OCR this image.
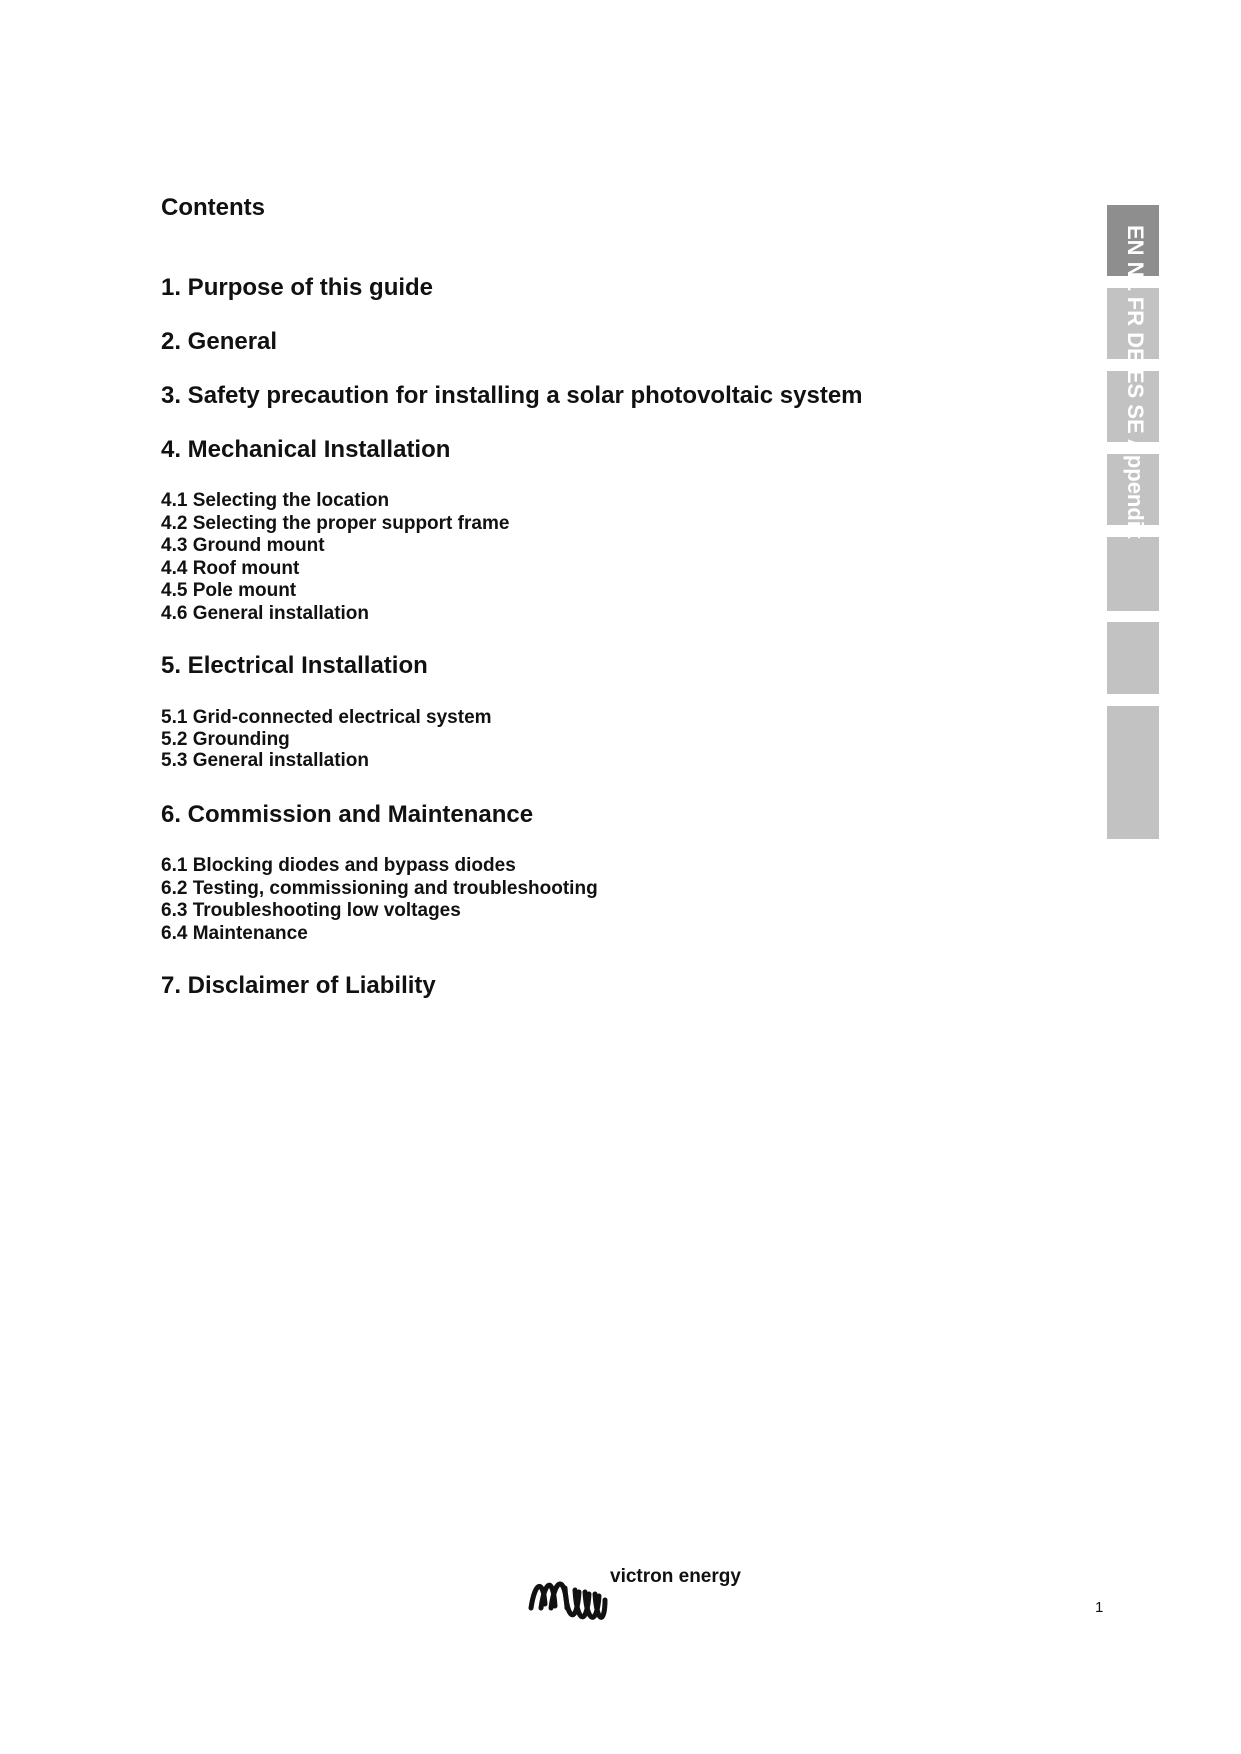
Contents
1. Purpose of this guide
2. General
3. Safety precaution for installing a solar photovoltaic system
4. Mechanical Installation
4.1 Selecting the location
4.2 Selecting the proper support frame
4.3 Ground mount
4.4 Roof mount
4.5 Pole mount
4.6 General installation
5. Electrical Installation
5.1 Grid-connected electrical system
5.2 Grounding
5.3 General installation
6. Commission and Maintenance
6.1 Blocking diodes and bypass diodes
6.2 Testing, commissioning and troubleshooting
6.3 Troubleshooting low voltages
6.4 Maintenance
7. Disclaimer of Liability
EN NL FR DE ES SE Appendix
victron energy
1
